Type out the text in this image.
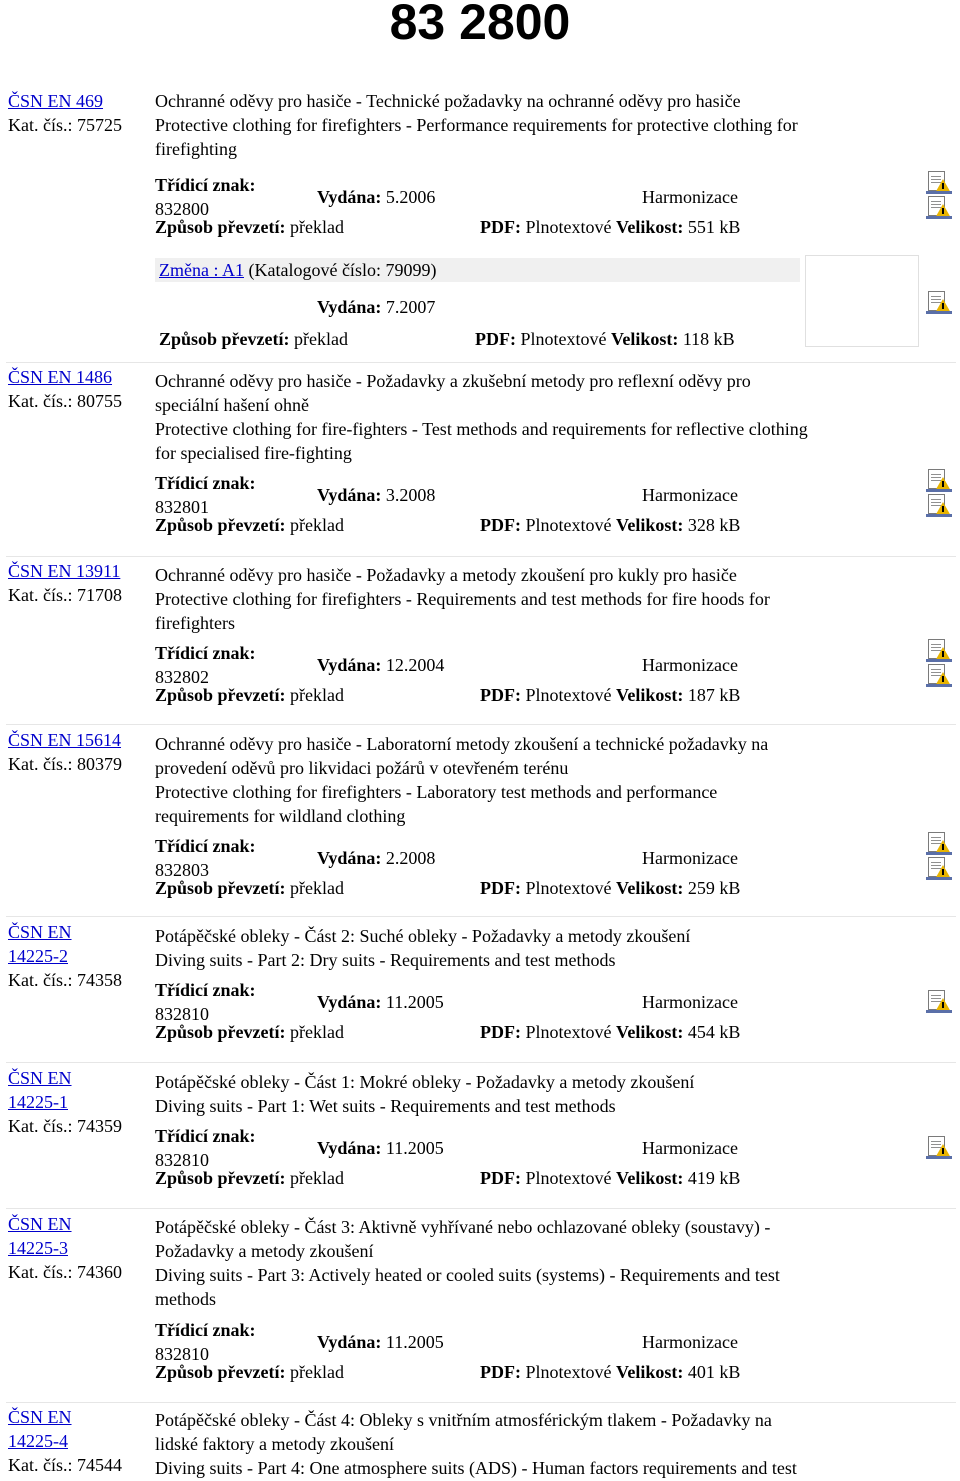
83 2800
ČSN EN 469
Kat. čís.: 75725
Ochranné oděvy pro hasiče - Technické požadavky na ochranné oděvy pro hasiče
Protective clothing for firefighters - Performance requirements for protective clothing for
firefighting
Třídicí znak:
832800
Vydána: 5.2006	Harmonizace
Způsob převzetí: překlad	PDF: Plnotextové Velikost: 551 kB
Změna : A1 (Katalogové číslo: 79099)
Vydána: 7.2007
Způsob převzetí: překlad	PDF: Plnotextové Velikost: 118 kB
ČSN EN 1486
Kat. čís.: 80755
Ochranné oděvy pro hasiče - Požadavky a zkušební metody pro reflexní oděvy pro
speciální hašení ohně
Protective clothing for fire-fighters - Test methods and requirements for reflective clothing
for specialised fire-fighting
Třídicí znak:
832801
Vydána: 3.2008	Harmonizace
Způsob převzetí: překlad	PDF: Plnotextové Velikost: 328 kB
ČSN EN 13911
Kat. čís.: 71708
Ochranné oděvy pro hasiče - Požadavky a metody zkoušení pro kukly pro hasiče
Protective clothing for firefighters - Requirements and test methods for fire hoods for
firefighters
Třídicí znak:
832802
Vydána: 12.2004	Harmonizace
Způsob převzetí: překlad	PDF: Plnotextové Velikost: 187 kB
ČSN EN 15614
Kat. čís.: 80379
Ochranné oděvy pro hasiče - Laboratorní metody zkoušení a technické požadavky na
provedení oděvů pro likvidaci požárů v otevřeném terénu
Protective clothing for firefighters - Laboratory test methods and performance
requirements for wildland clothing
Třídicí znak:
832803
Vydána: 2.2008	Harmonizace
Způsob převzetí: překlad	PDF: Plnotextové Velikost: 259 kB
ČSN EN
14225-2
Kat. čís.: 74358
Potápěčské obleky - Část 2: Suché obleky - Požadavky a metody zkoušení
Diving suits - Part 2: Dry suits - Requirements and test methods
Třídicí znak:
832810
Vydána: 11.2005	Harmonizace
Způsob převzetí: překlad	PDF: Plnotextové Velikost: 454 kB
ČSN EN
14225-1
Kat. čís.: 74359
Potápěčské obleky - Část 1: Mokré obleky - Požadavky a metody zkoušení
Diving suits - Part 1: Wet suits - Requirements and test methods
Třídicí znak:
832810
Vydána: 11.2005	Harmonizace
Způsob převzetí: překlad	PDF: Plnotextové Velikost: 419 kB
ČSN EN
14225-3
Kat. čís.: 74360
Potápěčské obleky - Část 3: Aktivně vyhřívané nebo ochlazované obleky (soustavy) -
Požadavky a metody zkoušení
Diving suits - Part 3: Actively heated or cooled suits (systems) - Requirements and test
methods
Třídicí znak:
832810
Vydána: 11.2005	Harmonizace
Způsob převzetí: překlad	PDF: Plnotextové Velikost: 401 kB
ČSN EN
14225-4
Kat. čís.: 74544
Potápěčské obleky - Část 4: Obleky s vnitřním atmosférickým tlakem - Požadavky na
lidské faktory a metody zkoušení
Diving suits - Part 4: One atmosphere suits (ADS) - Human factors requirements and test
